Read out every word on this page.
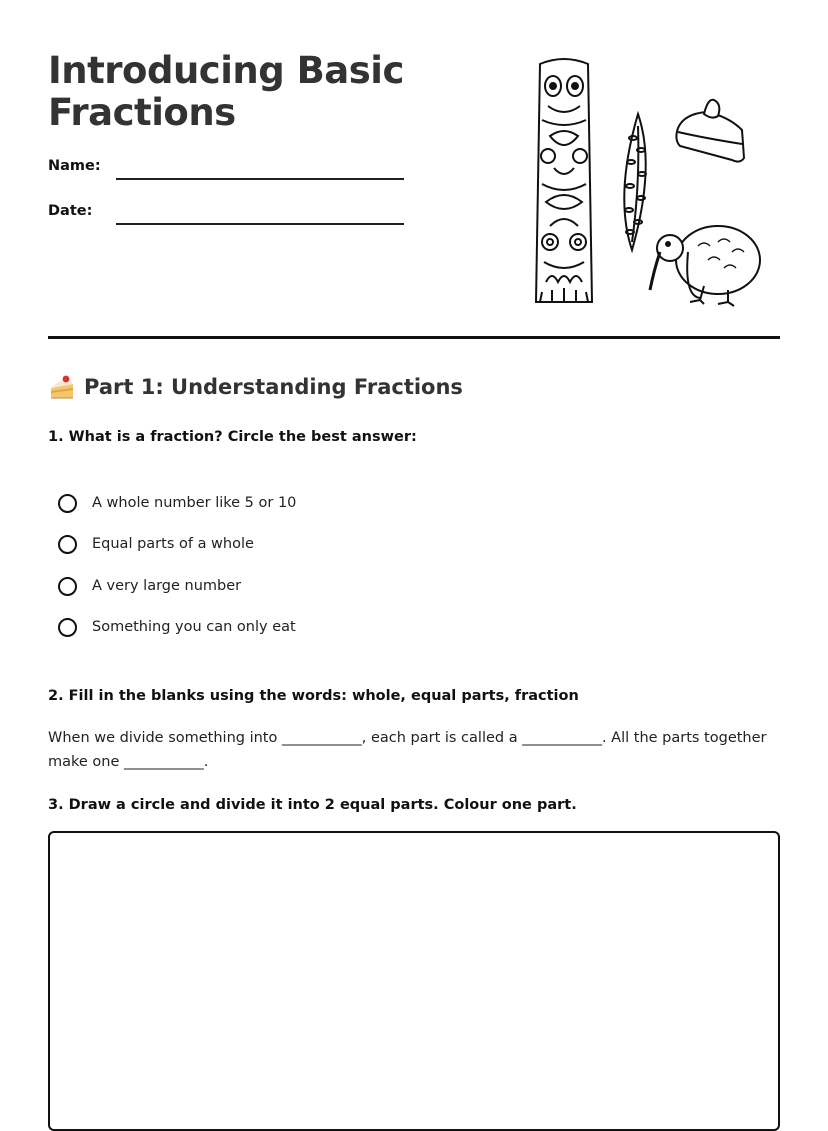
Introducing Basic
Fractions
Name:
Date:
Part 1: Understanding Fractions

1. What is a fraction? Circle the best answer:

A whole number like 5 or 10
Equal parts of a whole
A very large number
Something you can only eat

2. Fill in the blanks using the words: whole, equal parts, fraction

When we divide something into ___________, each part is called a ___________. All the parts together make one ___________.

3. Draw a circle and divide it into 2 equal parts. Colour one part.
